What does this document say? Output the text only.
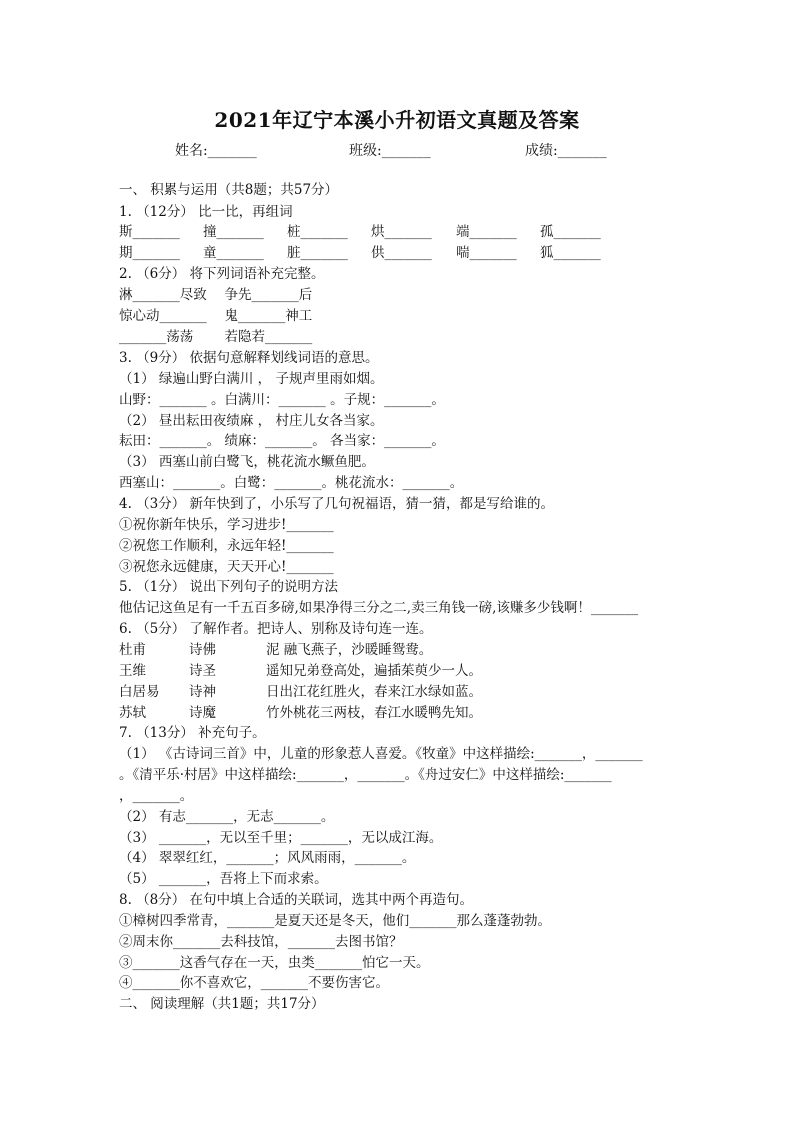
2021年辽宁本溪小升初语文真题及答案
姓名:_______	班级:_______	成绩:_______
一、 积累与运用（共8题；共57分）
1. （12分） 比一比，再组词
斯_______ 撞_______ 桩_______ 烘_______ 端_______ 孤_______
期_______ 童_______ 脏_______ 供_______ 喘_______ 狐_______
2. （6分） 将下列词语补充完整。
淋_______尽致　 争先_______后
惊心动_______　 鬼_______神工
_______荡荡　　 若隐若_______
3. （9分） 依据句意解释划线词语的意思。
（1） 绿遍山野白满川 ， 子规声里雨如烟。
山野：_______ 。白满川：_______ 。子规：_______。
（2） 昼出耘田夜绩麻 ， 村庄儿女各当家。
耘田：_______。 绩麻：_______。 各当家：_______。
（3） 西塞山前白鹭飞，桃花流水鳜鱼肥。
西塞山：_______。白鹭：_______。桃花流水：_______。
4. （3分） 新年快到了，小乐写了几句祝福语，猜一猜，都是写给谁的。
①祝你新年快乐，学习进步!_______
②祝您工作顺利，永远年轻!_______
③祝您永远健康，天天开心!_______
5. （1分） 说出下列句子的说明方法
他估记这鱼足有一千五百多磅,如果净得三分之二,卖三角钱一磅,该赚多少钱啊！_______
6. （5分） 了解作者。把诗人、别称及诗句连一连。
杜甫
王维
白居易
苏轼
诗佛
诗圣
诗神
诗魔
泥 融飞燕子，沙暖睡鸳鸯。
遥知兄弟登高处，遍插茱萸少一人。
日出江花红胜火，春来江水绿如蓝。
竹外桃花三两枝，春江水暖鸭先知。
7. （13分） 补充句子。
（1） 《古诗词三首》中，儿童的形象惹人喜爱。《牧童》中这样描绘:_______，_______
。《清平乐·村居》中这样描绘:_______，_______。《舟过安仁》中这样描绘:_______
，_______。
（2） 有志_______，无志_______。
（3） _______，无以至千里；_______，无以成江海。
（4） 翠翠红红，_______；风风雨雨，_______。
（5） _______，吾将上下而求索。
8. （8分） 在句中填上合适的关联词，选其中两个再造句。
①樟树四季常青，_______是夏天还是冬天，他们_______那么蓬蓬勃勃。
②周末你_______去科技馆，_______去图书馆？
③_______这香气存在一天，虫类_______怕它一天。
④_______你不喜欢它，_______不要伤害它。
二、 阅读理解（共1题；共17分）
